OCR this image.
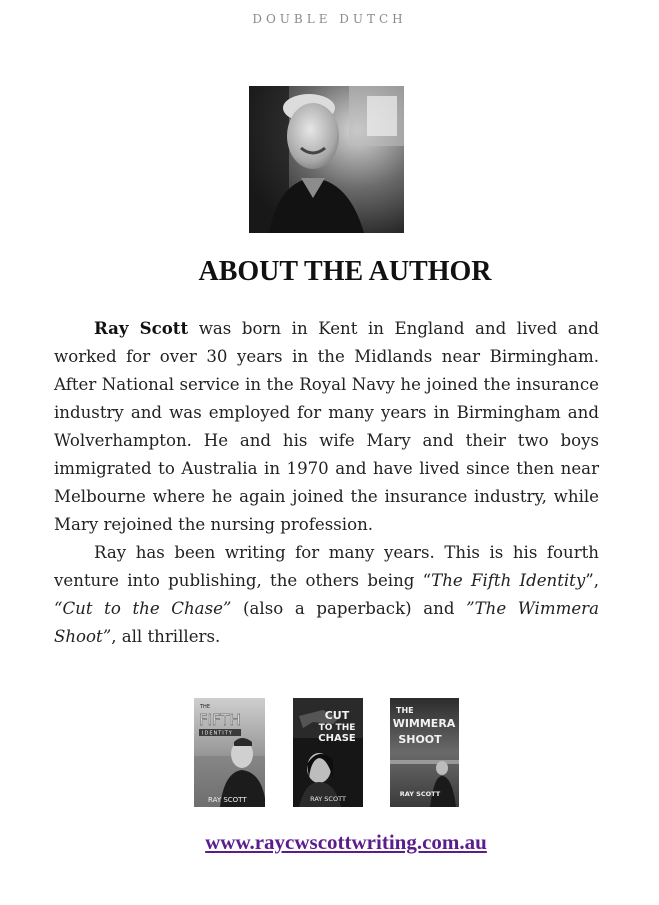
DOUBLE DUTCH
ABOUT THE AUTHOR

Ray Scott was born in Kent in England and lived and worked for over 30 years in the Midlands near Birmingham. After National service in the Royal Navy he joined the insurance industry and was employed for many years in Birmingham and Wolverhampton. He and his wife Mary and their two boys immigrated to Australia in 1970 and have lived since then near Melbourne where he again joined the insurance industry, while Mary rejoined the nursing profession.

Ray has been writing for many years. This is his fourth venture into publishing, the others being “The Fifth Identity”, “Cut to the Chase” (also a paperback) and ”The Wimmera Shoot”, all thrillers.

THE
FIFTH
IDENTITY
RAY SCOTT
CUT
TO THE
CHASE
RAY SCOTT
THE
WIMMERA
SHOOT
RAY SCOTT
www.raycwscottwriting.com.au
